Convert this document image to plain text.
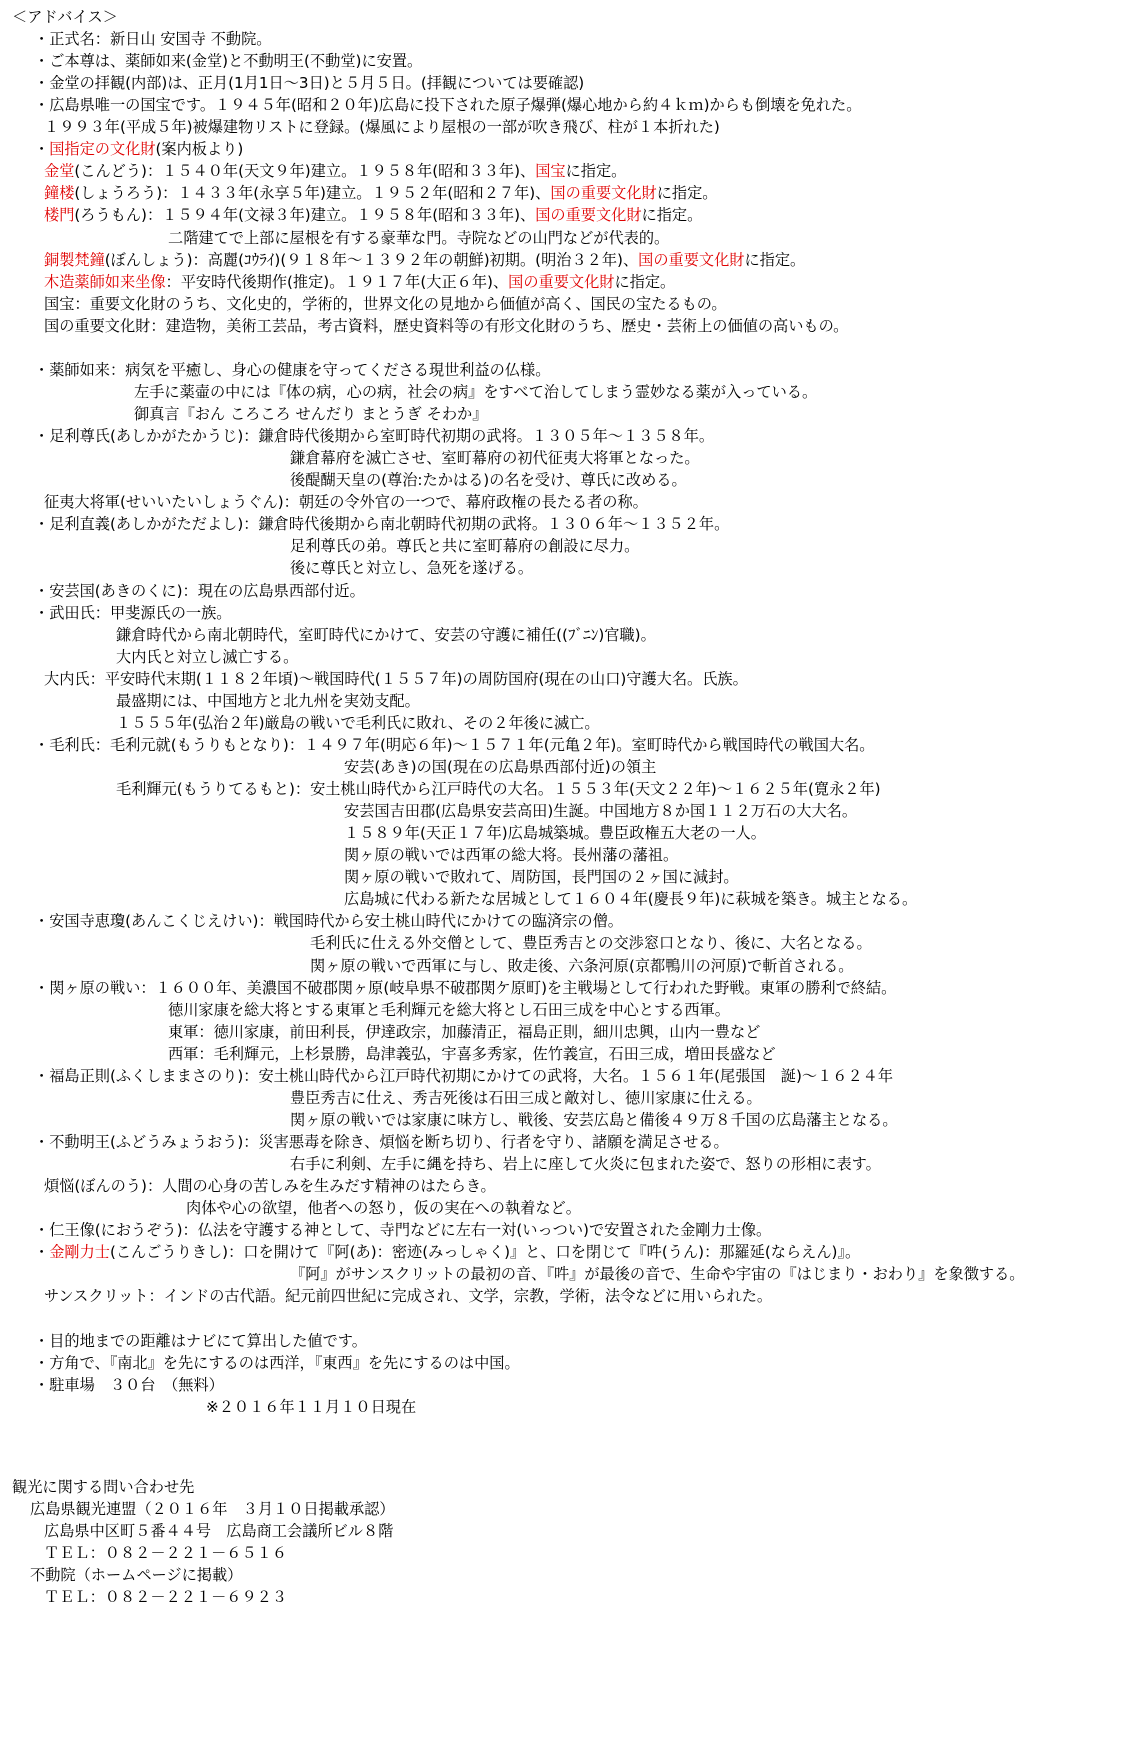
＜アドバイス＞
・正式名：新日山 安国寺 不動院。
・ご本尊は、薬師如来(金堂)と不動明王(不動堂)に安置。
・金堂の拝観(内部)は、正月(1月1日～3日)と５月５日。(拝観については要確認)
・広島県唯一の国宝です。１９４５年(昭和２０年)広島に投下された原子爆弾(爆心地から約４ｋｍ)からも倒壊を免れた。
１９９３年(平成５年)被爆建物リストに登録。(爆風により屋根の一部が吹き飛び、柱が１本折れた)
・国指定の文化財(案内板より)
金堂(こんどう)：１５４０年(天文９年)建立。１９５８年(昭和３３年)、国宝に指定。
鐘楼(しょうろう)：１４３３年(永享５年)建立。１９５２年(昭和２７年)、国の重要文化財に指定。
楼門(ろうもん)：１５９４年(文禄３年)建立。１９５８年(昭和３３年)、国の重要文化財に指定。
二階建てで上部に屋根を有する豪華な門。寺院などの山門などが代表的。
銅製梵鐘(ぼんしょう)：高麗(ｺｳﾗｲ)(９１８年～１３９２年の朝鮮)初期。(明治３２年)、国の重要文化財に指定。
木造薬師如来坐像：平安時代後期作(推定)。１９１７年(大正６年)、国の重要文化財に指定。
国宝：重要文化財のうち、文化史的，学術的，世界文化の見地から価値が高く、国民の宝たるもの。
国の重要文化財：建造物，美術工芸品，考古資料，歴史資料等の有形文化財のうち、歴史・芸術上の価値の高いもの。
・薬師如来：病気を平癒し、身心の健康を守ってくださる現世利益の仏様。
左手に薬壷の中には『体の病，心の病，社会の病』をすべて治してしまう霊妙なる薬が入っている。
御真言『おん ころころ せんだり まとうぎ そわか』
・足利尊氏(あしかがたかうじ)：鎌倉時代後期から室町時代初期の武将。１３０５年～１３５８年。
鎌倉幕府を滅亡させ、室町幕府の初代征夷大将軍となった。
後醍醐天皇の(尊治:たかはる)の名を受け、尊氏に改める。
征夷大将軍(せいいたいしょうぐん)：朝廷の令外官の一つで、幕府政権の長たる者の称。
・足利直義(あしかがただよし)：鎌倉時代後期から南北朝時代初期の武将。１３０６年～１３５２年。
足利尊氏の弟。尊氏と共に室町幕府の創設に尽力。
後に尊氏と対立し、急死を遂げる。
・安芸国(あきのくに)：現在の広島県西部付近。
・武田氏：甲斐源氏の一族。
鎌倉時代から南北朝時代，室町時代にかけて、安芸の守護に補任((ﾌﾞﾆﾝ)官職)。
大内氏と対立し滅亡する。
大内氏：平安時代末期(１１８２年頃)～戦国時代(１５５７年)の周防国府(現在の山口)守護大名。氏族。
最盛期には、中国地方と北九州を実効支配。
１５５５年(弘治２年)厳島の戦いで毛利氏に敗れ、その２年後に滅亡。
・毛利氏：毛利元就(もうりもとなり)：１４９７年(明応６年)～１５７１年(元亀２年)。室町時代から戦国時代の戦国大名。
安芸(あき)の国(現在の広島県西部付近)の領主
毛利輝元(もうりてるもと)：安土桃山時代から江戸時代の大名。１５５３年(天文２２年)～１６２５年(寛永２年)
安芸国吉田郡(広島県安芸高田)生誕。中国地方８か国１１２万石の大大名。
１５８９年(天正１７年)広島城築城。豊臣政権五大老の一人。
関ヶ原の戦いでは西軍の総大将。長州藩の藩祖。
関ヶ原の戦いで敗れて、周防国，長門国の２ヶ国に減封。
広島城に代わる新たな居城として１６０４年(慶長９年)に萩城を築き。城主となる。
・安国寺恵瓊(あんこくじえけい)：戦国時代から安土桃山時代にかけての臨済宗の僧。
毛利氏に仕える外交僧として、豊臣秀吉との交渉窓口となり、後に、大名となる。
関ヶ原の戦いで西軍に与し、敗走後、六条河原(京都鴨川の河原)で斬首される。
・関ヶ原の戦い：１６００年、美濃国不破郡関ヶ原(岐阜県不破郡関ケ原町)を主戦場として行われた野戦。東軍の勝利で終結。
徳川家康を総大将とする東軍と毛利輝元を総大将とし石田三成を中心とする西軍。
東軍：徳川家康，前田利長，伊達政宗，加藤清正，福島正則，細川忠興，山内一豊など
西軍：毛利輝元，上杉景勝，島津義弘，宇喜多秀家，佐竹義宣，石田三成，増田長盛など
・福島正則(ふくしままさのり)：安土桃山時代から江戸時代初期にかけての武将，大名。１５６１年(尾張国　誕)～１６２４年
豊臣秀吉に仕え、秀吉死後は石田三成と敵対し、徳川家康に仕える。
関ヶ原の戦いでは家康に味方し、戦後、安芸広島と備後４９万８千国の広島藩主となる。
・不動明王(ふどうみょうおう)：災害悪毒を除き、煩悩を断ち切り、行者を守り、諸願を満足させる。
右手に利剣、左手に縄を持ち、岩上に座して火炎に包まれた姿で、怒りの形相に表す。
煩悩(ぼんのう)：人間の心身の苦しみを生みだす精神のはたらき。
肉体や心の欲望，他者への怒り，仮の実在への執着など。
・仁王像(におうぞう)：仏法を守護する神として、寺門などに左右一対(いっつい)で安置された金剛力士像。
・金剛力士(こんごうりきし)：口を開けて『阿(あ)：密迹(みっしゃく)』と、口を閉じて『吽(うん)：那羅延(ならえん)』。
『阿』がサンスクリットの最初の音、『吽』が最後の音で、生命や宇宙の『はじまり・おわり』を象徴する。
サンスクリット：インドの古代語。紀元前四世紀に完成され、文学，宗教，学術，法令などに用いられた。
・目的地までの距離はナビにて算出した値です。
・方角で、『南北』を先にするのは西洋，『東西』を先にするのは中国。
・駐車場　３０台　（無料）
※２０１６年１１月１０日現在
観光に関する問い合わせ先
広島県観光連盟（２０１６年　３月１０日掲載承認）
広島県中区町５番４４号　広島商工会議所ビル８階
ＴＥＬ：０８２－２２１－６５１６
不動院（ホームページに掲載）
ＴＥＬ：０８２－２２１－６９２３
